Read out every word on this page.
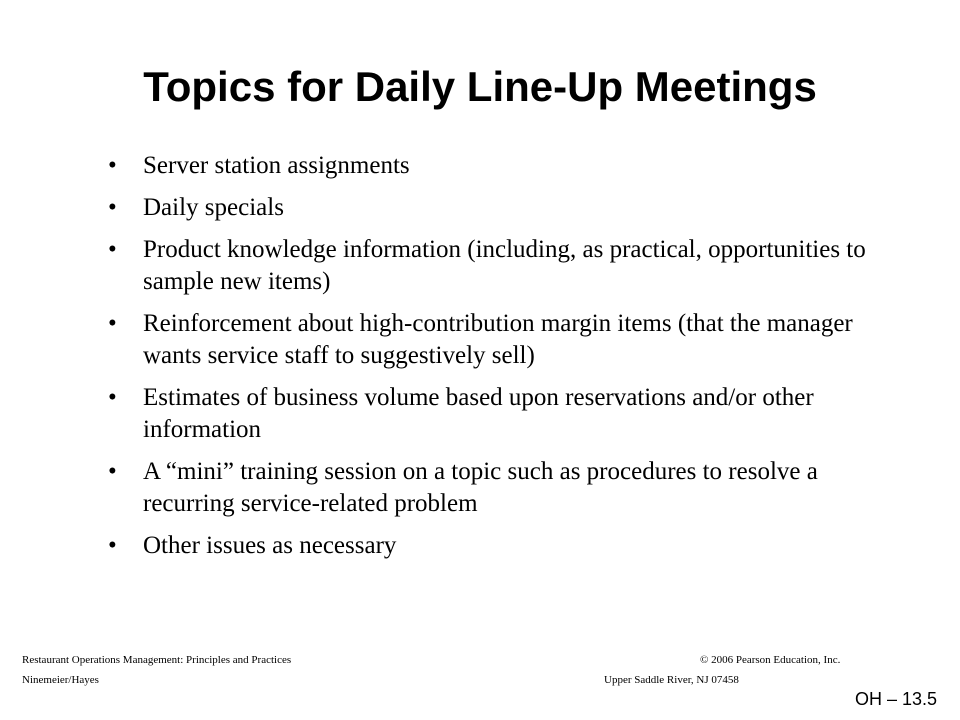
Topics for Daily Line-Up Meetings
• Server station assignments
• Daily specials
• Product knowledge information (including, as practical, opportunities to sample new items)
• Reinforcement about high-contribution margin items (that the manager wants service staff to suggestively sell)
• Estimates of business volume based upon reservations and/or other information
• A “mini” training session on a topic such as procedures to resolve a recurring service-related problem
• Other issues as necessary
Restaurant Operations Management: Principles and Practices
Ninemeier/Hayes
© 2006 Pearson Education, Inc.
Upper Saddle River, NJ 07458
OH – 13.5
